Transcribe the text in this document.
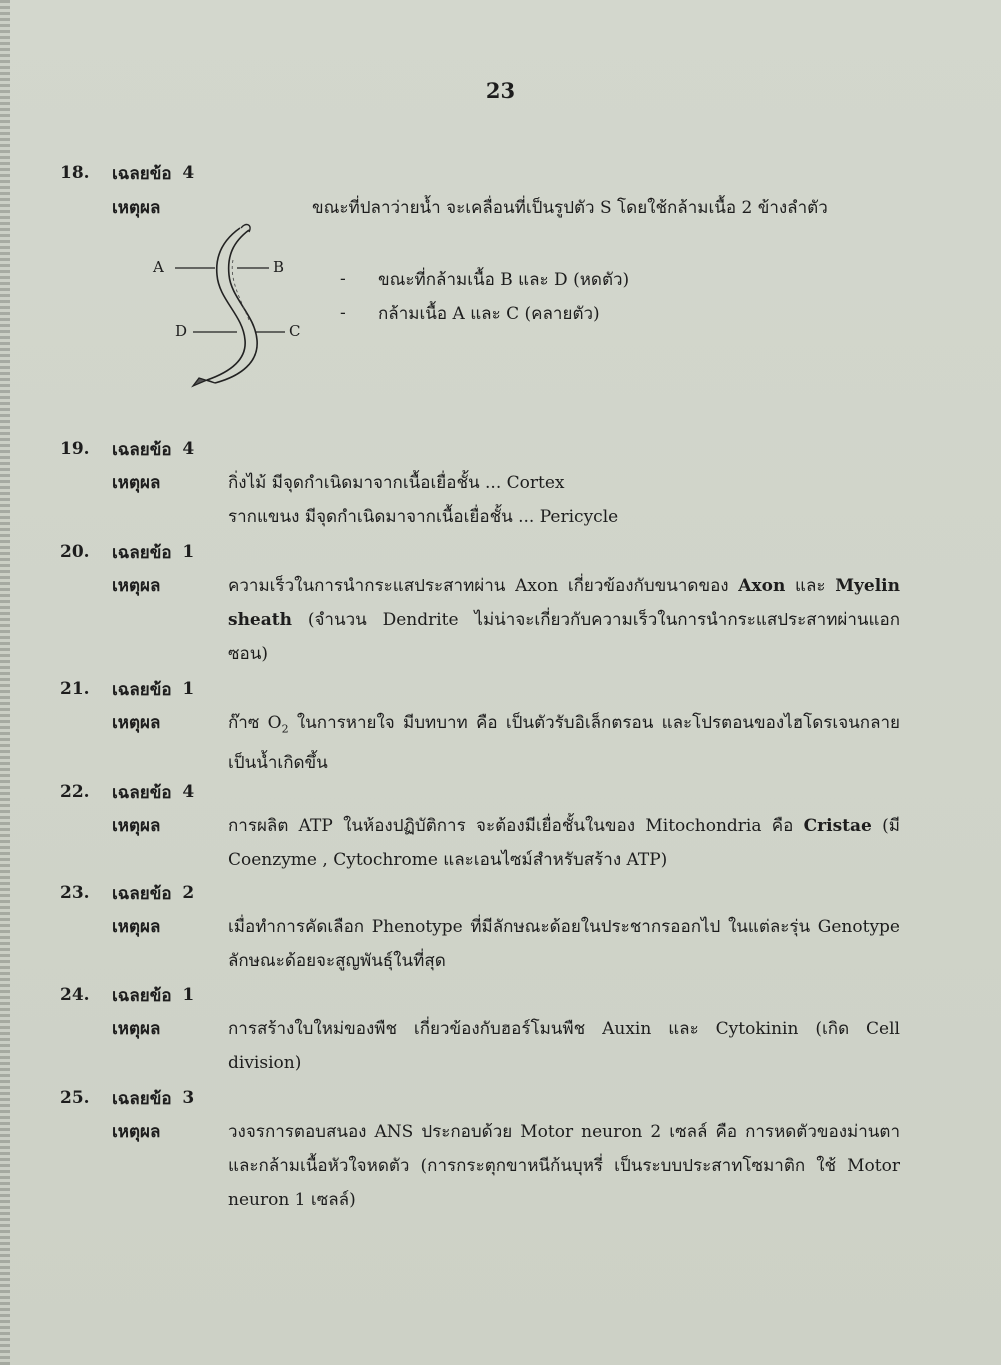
23
18.	เฉลยข้อ
4
เหตุผล	ขณะที่ปลาว่ายน้ำ จะเคลื่อนที่เป็นรูปตัว S โดยใช้กล้ามเนื้อ 2 ข้างลำตัว
A	B
C
D
-	ขณะที่กล้ามเนื้อ B และ D (หดตัว)
-	กล้ามเนื้อ A และ C (คลายตัว)
19.	เฉลยข้อ
4
เหตุผล	กิ่งไม้ มีจุดกำเนิดมาจากเนื้อเยื่อชั้น ... Cortex
รากแขนง มีจุดกำเนิดมาจากเนื้อเยื่อชั้น ... Pericycle
20.	เฉลยข้อ
1
เหตุผล	ความเร็วในการนำกระแสประสาทผ่าน Axon เกี่ยวข้องกับขนาดของ Axon และ Myelin sheath (จำนวน Dendrite ไม่น่าจะเกี่ยวกับความเร็วในการนำกระแสประสาทผ่านแอกซอน)
21.	เฉลยข้อ
1
เหตุผล	ก๊าซ $O_2$ ในการหายใจ มีบทบาท คือ เป็นตัวรับอิเล็กตรอน และโปรตอนของไฮโดรเจนกลายเป็นน้ำเกิดขึ้น
22.	เฉลยข้อ
4
เหตุผล	การผลิต ATP ในห้องปฏิบัติการ จะต้องมีเยื่อชั้นในของ Mitochondria คือ Cristae (มี Coenzyme , Cytochrome และเอนไซม์สำหรับสร้าง ATP)
23.	เฉลยข้อ
2
เหตุผล	เมื่อทำการคัดเลือก Phenotype ที่มีลักษณะด้อยในประชากรออกไป ในแต่ละรุ่น Genotype ลักษณะด้อยจะสูญพันธุ์ในที่สุด
24.	เฉลยข้อ
1
เหตุผล	การสร้างใบใหม่ของพืช เกี่ยวข้องกับฮอร์โมนพืช Auxin และ Cytokinin (เกิด Cell division)
25.	เฉลยข้อ
3
เหตุผล	วงจรการตอบสนอง ANS ประกอบด้วย Motor neuron 2 เซลล์ คือ การหดตัวของม่านตา และกล้ามเนื้อหัวใจหดตัว (การกระตุกขาหนีก้นบุหรี่ เป็นระบบประสาทโซมาติก ใช้ Motor neuron 1 เซลล์)
